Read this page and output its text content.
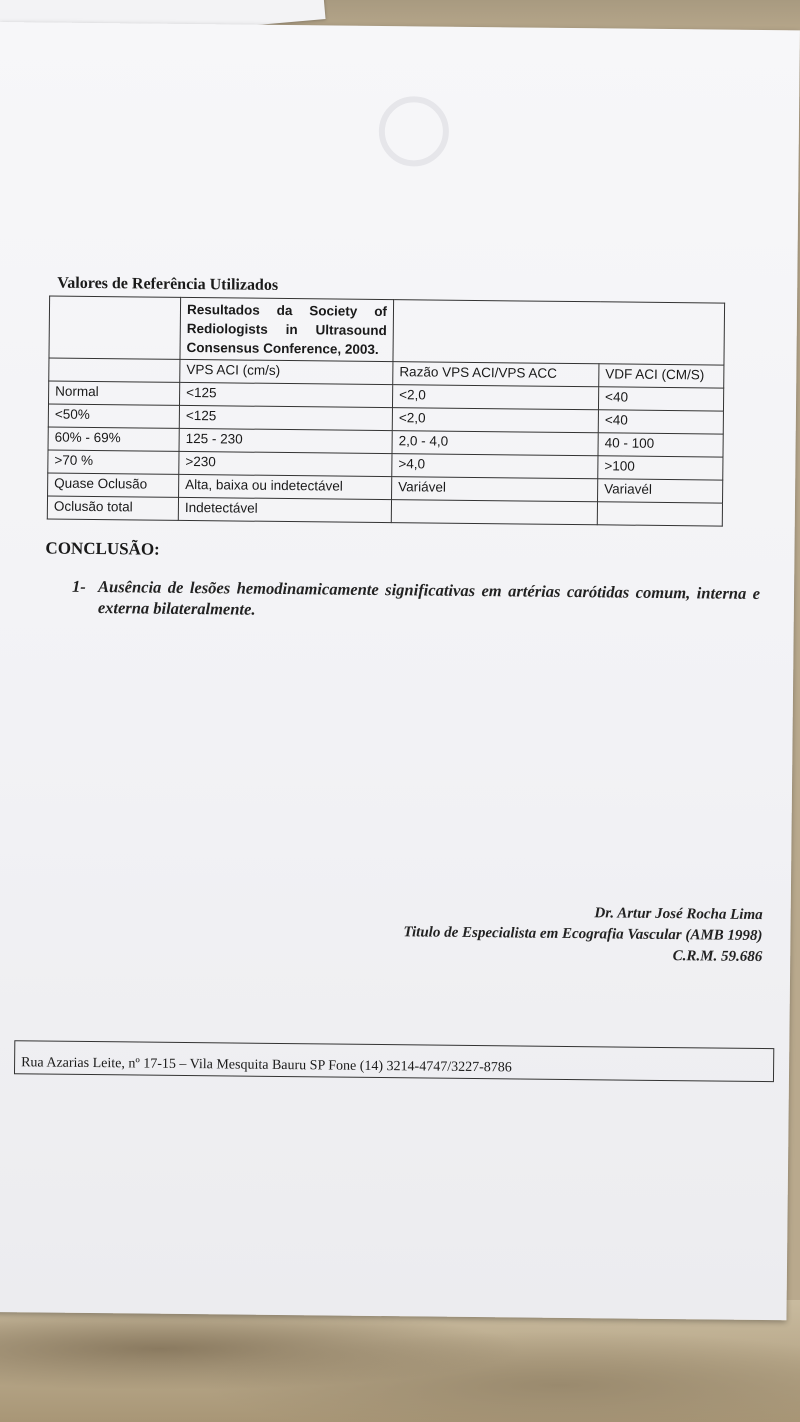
Valores de Referência Utilizados

	Resultados da Society of
Rediologists in Ultrasound
Consensus Conference, 2003.		

	VPS ACI (cm/s)	Razão VPS ACI/VPS ACC	VDF ACI (CM/S)
Normal	<125	<2,0	<40
<50%	<125	<2,0	<40
60% - 69%	125 - 230	2,0 - 4,0	40 - 100
>70 %	>230	>4,0	>100
Quase Oclusão	Alta, baixa ou indetectável	Variável	Variavél
Oclusão total	Indetectável		
CONCLUSÃO:
1- Ausência de lesões hemodinamicamente significativas em artérias carótidas comum, interna e externa bilateralmente.
Dr. Artur José Rocha Lima
Titulo de Especialista em Ecografia Vascular (AMB 1998)
C.R.M. 59.686
Rua Azarias Leite, nº 17-15 – Vila Mesquita Bauru SP Fone (14) 3214-4747/3227-8786
